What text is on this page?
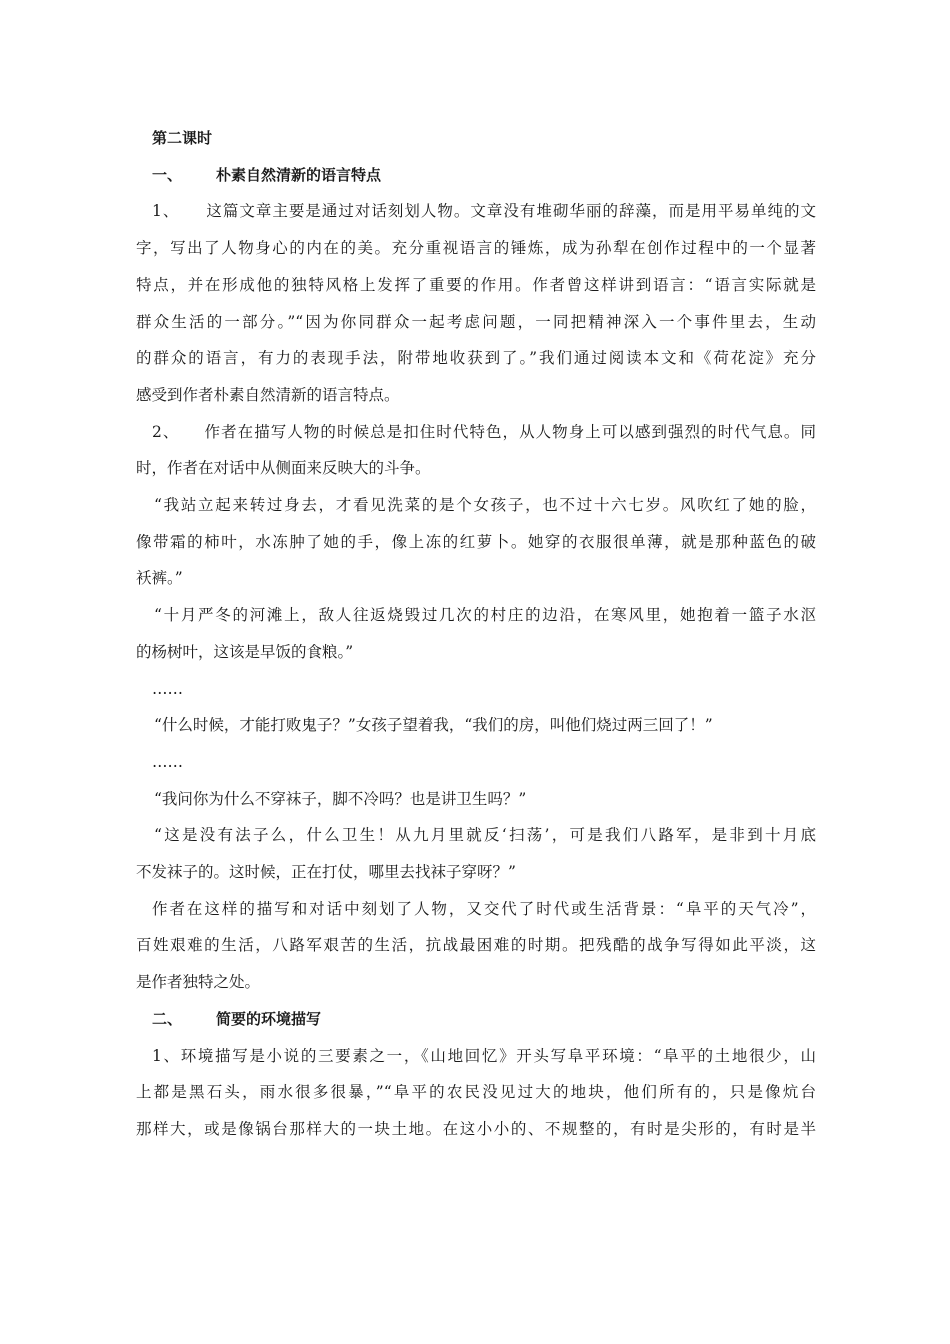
第二课时
一、 朴素自然清新的语言特点
1、 这篇文章主要是通过对话刻划人物。文章没有堆砌华丽的辞藻，而是用平易单纯的文
字，写出了人物身心的内在的美。充分重视语言的锤炼，成为孙犁在创作过程中的一个显著
特点，并在形成他的独特风格上发挥了重要的作用。作者曾这样讲到语言：“语言实际就是
群众生活的一部分。”“因为你同群众一起考虑问题，一同把精神深入一个事件里去，生动
的群众的语言，有力的表现手法，附带地收获到了。”我们通过阅读本文和《荷花淀》充分
感受到作者朴素自然清新的语言特点。
2、 作者在描写人物的时候总是扣住时代特色，从人物身上可以感到强烈的时代气息。同
时，作者在对话中从侧面来反映大的斗争。
“我站立起来转过身去，才看见洗菜的是个女孩子，也不过十六七岁。风吹红了她的脸，
像带霜的柿叶，水冻肿了她的手，像上冻的红萝卜。她穿的衣服很单薄，就是那种蓝色的破
袄裤。”
“十月严冬的河滩上，敌人往返烧毁过几次的村庄的边沿，在寒风里，她抱着一篮子水沤
的杨树叶，这该是早饭的食粮。”
……
“什么时候，才能打败鬼子？”女孩子望着我，“我们的房，叫他们烧过两三回了！”
……
“我问你为什么不穿袜子，脚不冷吗？也是讲卫生吗？”
“这是没有法子么，什么卫生！从九月里就反‘扫荡’，可是我们八路军，是非到十月底
不发袜子的。这时候，正在打仗，哪里去找袜子穿呀？”
作者在这样的描写和对话中刻划了人物，又交代了时代或生活背景：“阜平的天气冷”，
百姓艰难的生活，八路军艰苦的生活，抗战最困难的时期。把残酷的战争写得如此平淡，这
是作者独特之处。
二、 简要的环境描写
1、环境描写是小说的三要素之一，《山地回忆》开头写阜平环境：“阜平的土地很少，山
上都是黑石头，雨水很多很暴，”“阜平的农民没见过大的地块，他们所有的，只是像炕台
那样大，或是像锅台那样大的一块土地。在这小小的、不规整的，有时是尖形的，有时是半
